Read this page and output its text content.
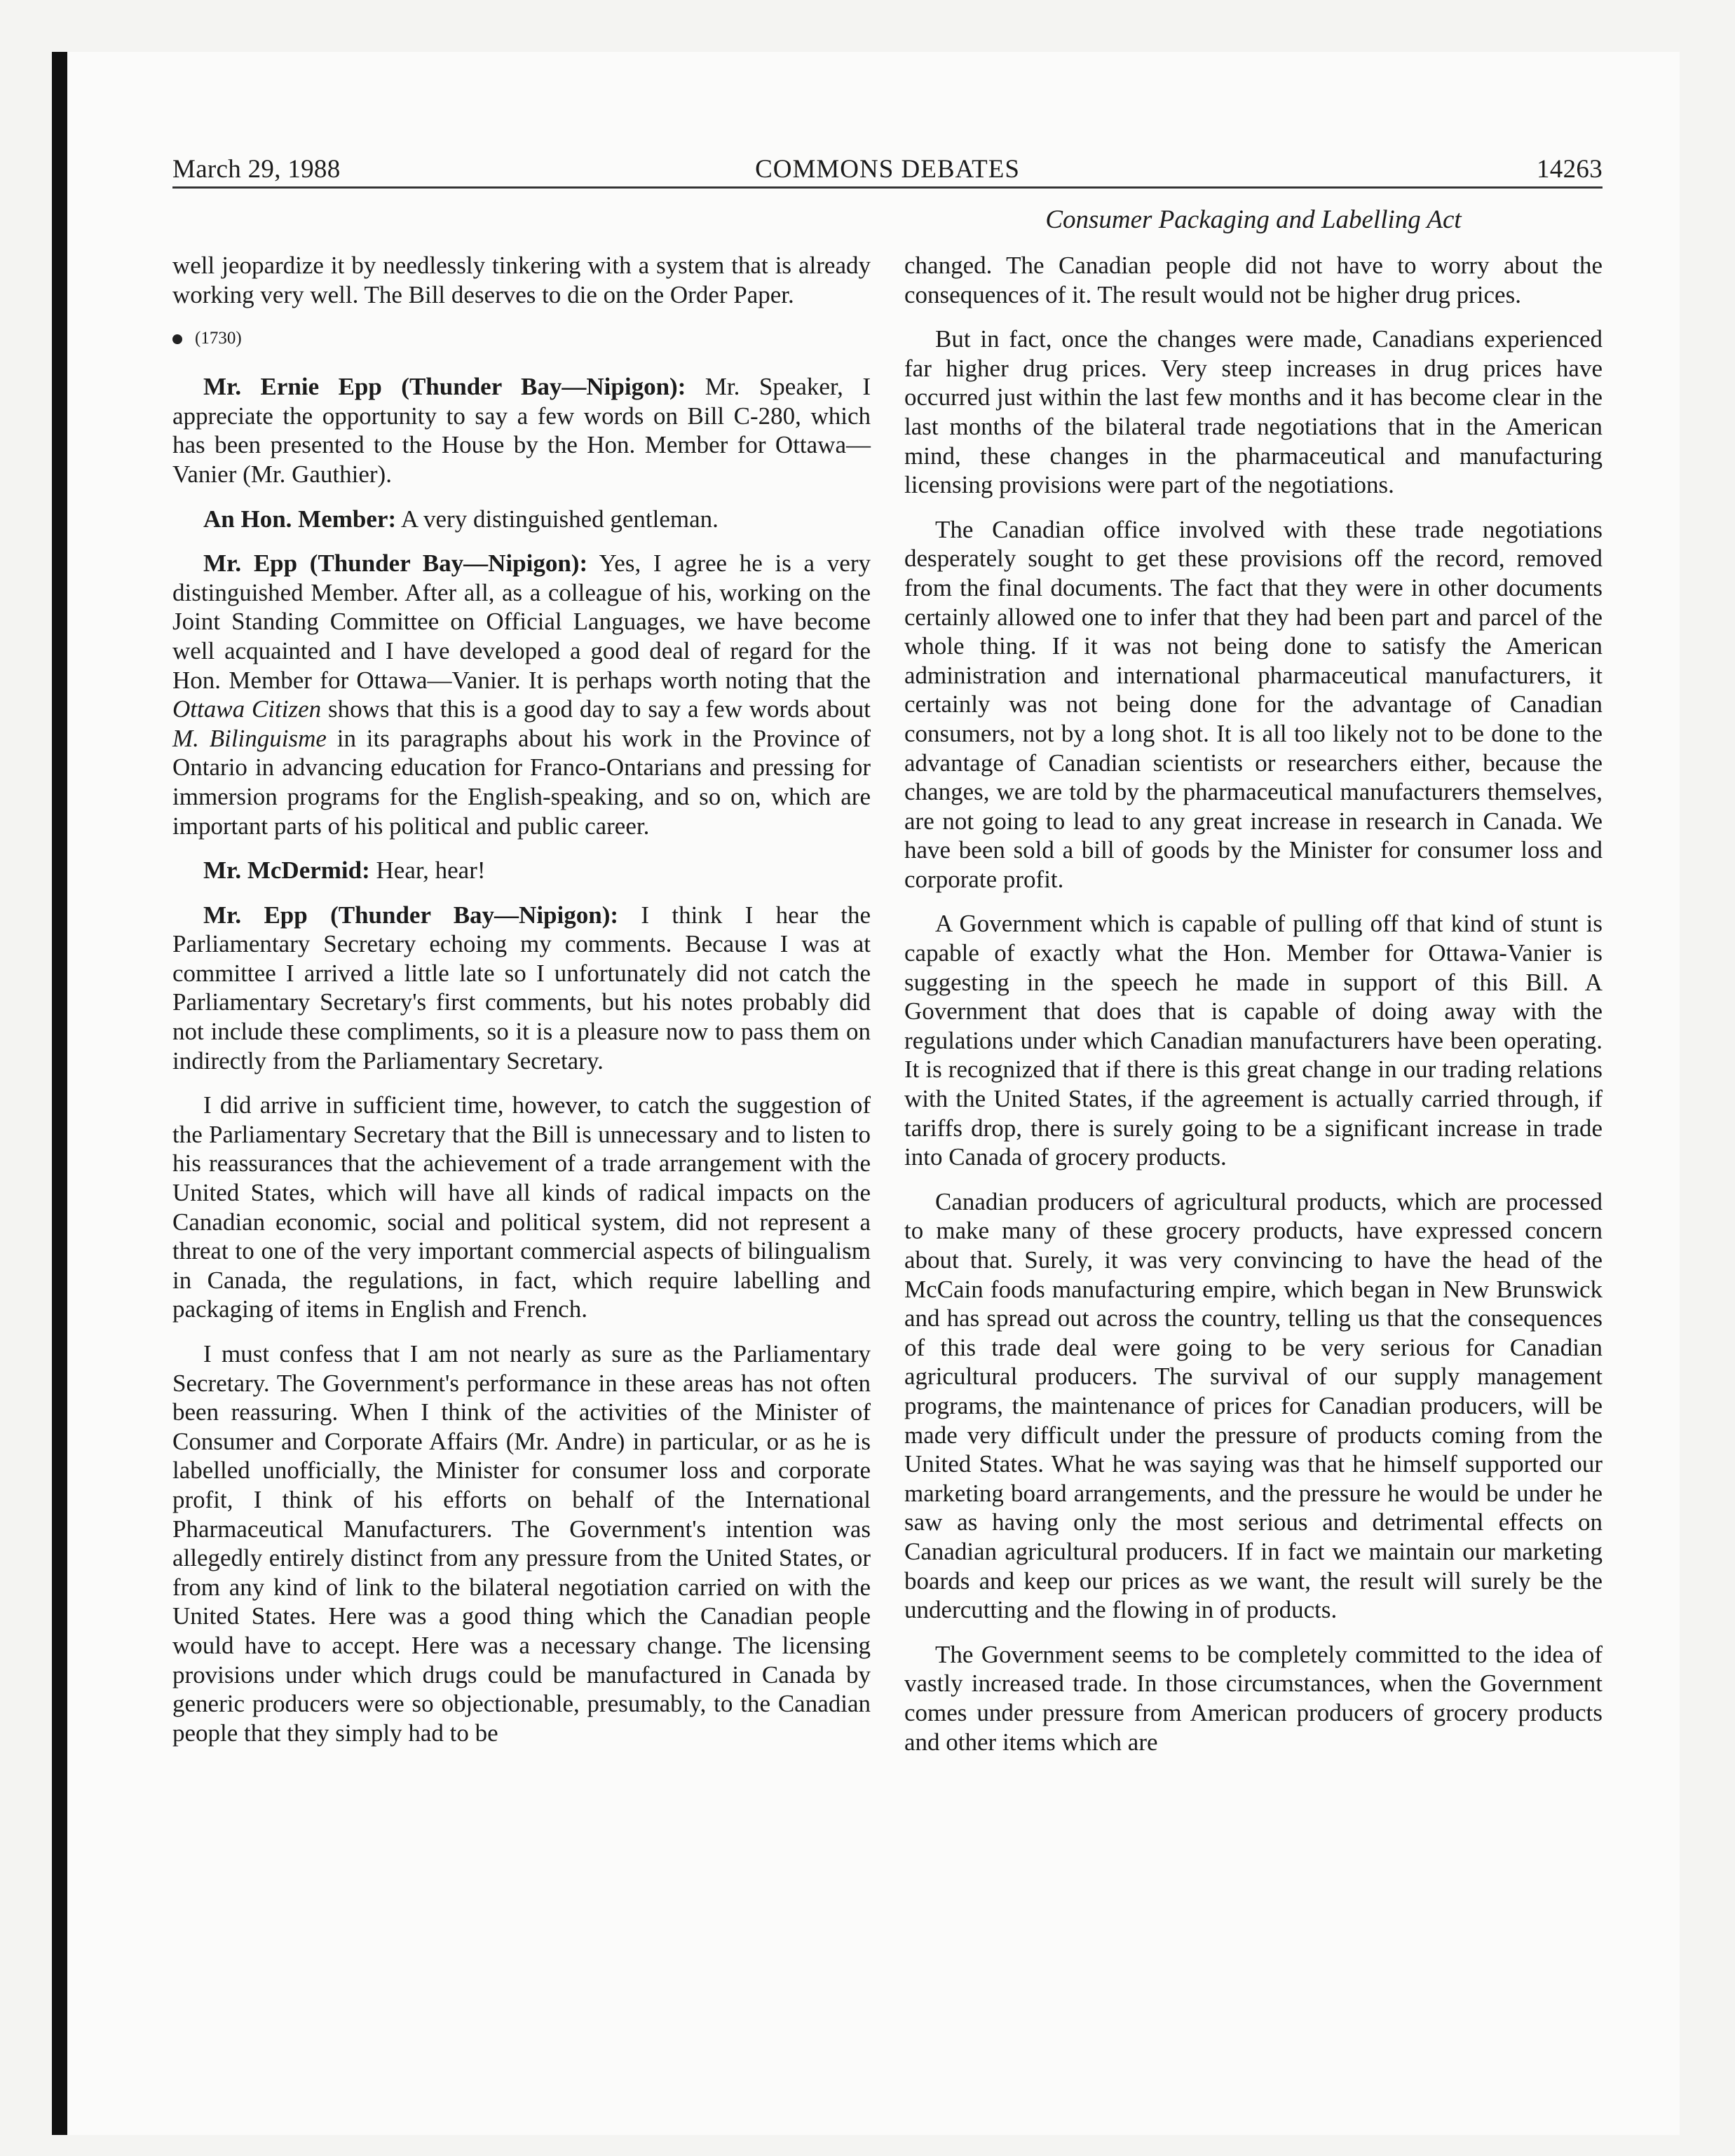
March 29, 1988	COMMONS DEBATES	14263
Consumer Packaging and Labelling Act

well jeopardize it by needlessly tinkering with a system that is already working very well. The Bill deserves to die on the Order Paper.

(1730)

Mr. Ernie Epp (Thunder Bay—Nipigon): Mr. Speaker, I appreciate the opportunity to say a few words on Bill C-280, which has been presented to the House by the Hon. Member for Ottawa—Vanier (Mr. Gauthier).

An Hon. Member: A very distinguished gentleman.

Mr. Epp (Thunder Bay—Nipigon): Yes, I agree he is a very distinguished Member. After all, as a colleague of his, working on the Joint Standing Committee on Official Languages, we have become well acquainted and I have developed a good deal of regard for the Hon. Member for Ottawa—Vanier. It is perhaps worth noting that the Ottawa Citizen shows that this is a good day to say a few words about M. Bilinguisme in its paragraphs about his work in the Province of Ontario in advancing education for Franco-Ontarians and pressing for immersion programs for the English-speaking, and so on, which are important parts of his political and public career.

Mr. McDermid: Hear, hear!

Mr. Epp (Thunder Bay—Nipigon): I think I hear the Parliamentary Secretary echoing my comments. Because I was at committee I arrived a little late so I unfortunately did not catch the Parliamentary Secretary's first comments, but his notes probably did not include these compliments, so it is a pleasure now to pass them on indirectly from the Parliamentary Secretary.

I did arrive in sufficient time, however, to catch the suggestion of the Parliamentary Secretary that the Bill is unnecessary and to listen to his reassurances that the achievement of a trade arrangement with the United States, which will have all kinds of radical impacts on the Canadian economic, social and political system, did not represent a threat to one of the very important commercial aspects of bilingualism in Canada, the regulations, in fact, which require labelling and packaging of items in English and French.

I must confess that I am not nearly as sure as the Parliamentary Secretary. The Government's performance in these areas has not often been reassuring. When I think of the activities of the Minister of Consumer and Corporate Affairs (Mr. Andre) in particular, or as he is labelled unofficially, the Minister for consumer loss and corporate profit, I think of his efforts on behalf of the International Pharmaceutical Manufacturers. The Government's intention was allegedly entirely distinct from any pressure from the United States, or from any kind of link to the bilateral negotiation carried on with the United States. Here was a good thing which the Canadian people would have to accept. Here was a necessary change. The licensing provisions under which drugs could be manufactured in Canada by generic producers were so objectionable, presumably, to the Canadian people that they simply had to be

changed. The Canadian people did not have to worry about the consequences of it. The result would not be higher drug prices.

But in fact, once the changes were made, Canadians experienced far higher drug prices. Very steep increases in drug prices have occurred just within the last few months and it has become clear in the last months of the bilateral trade negotiations that in the American mind, these changes in the pharmaceutical and manufacturing licensing provisions were part of the negotiations.

The Canadian office involved with these trade negotiations desperately sought to get these provisions off the record, removed from the final documents. The fact that they were in other documents certainly allowed one to infer that they had been part and parcel of the whole thing. If it was not being done to satisfy the American administration and international pharmaceutical manufacturers, it certainly was not being done for the advantage of Canadian consumers, not by a long shot. It is all too likely not to be done to the advantage of Canadian scientists or researchers either, because the changes, we are told by the pharmaceutical manufacturers themselves, are not going to lead to any great increase in research in Canada. We have been sold a bill of goods by the Minister for consumer loss and corporate profit.

A Government which is capable of pulling off that kind of stunt is capable of exactly what the Hon. Member for Ottawa-Vanier is suggesting in the speech he made in support of this Bill. A Government that does that is capable of doing away with the regulations under which Canadian manufacturers have been operating. It is recognized that if there is this great change in our trading relations with the United States, if the agreement is actually carried through, if tariffs drop, there is surely going to be a significant increase in trade into Canada of grocery products.

Canadian producers of agricultural products, which are processed to make many of these grocery products, have expressed concern about that. Surely, it was very convincing to have the head of the McCain foods manufacturing empire, which began in New Brunswick and has spread out across the country, telling us that the consequences of this trade deal were going to be very serious for Canadian agricultural producers. The survival of our supply management programs, the maintenance of prices for Canadian producers, will be made very difficult under the pressure of products coming from the United States. What he was saying was that he himself supported our marketing board arrangements, and the pressure he would be under he saw as having only the most serious and detrimental effects on Canadian agricultural producers. If in fact we maintain our marketing boards and keep our prices as we want, the result will surely be the undercutting and the flowing in of products.

The Government seems to be completely committed to the idea of vastly increased trade. In those circumstances, when the Government comes under pressure from American producers of grocery products and other items which are
